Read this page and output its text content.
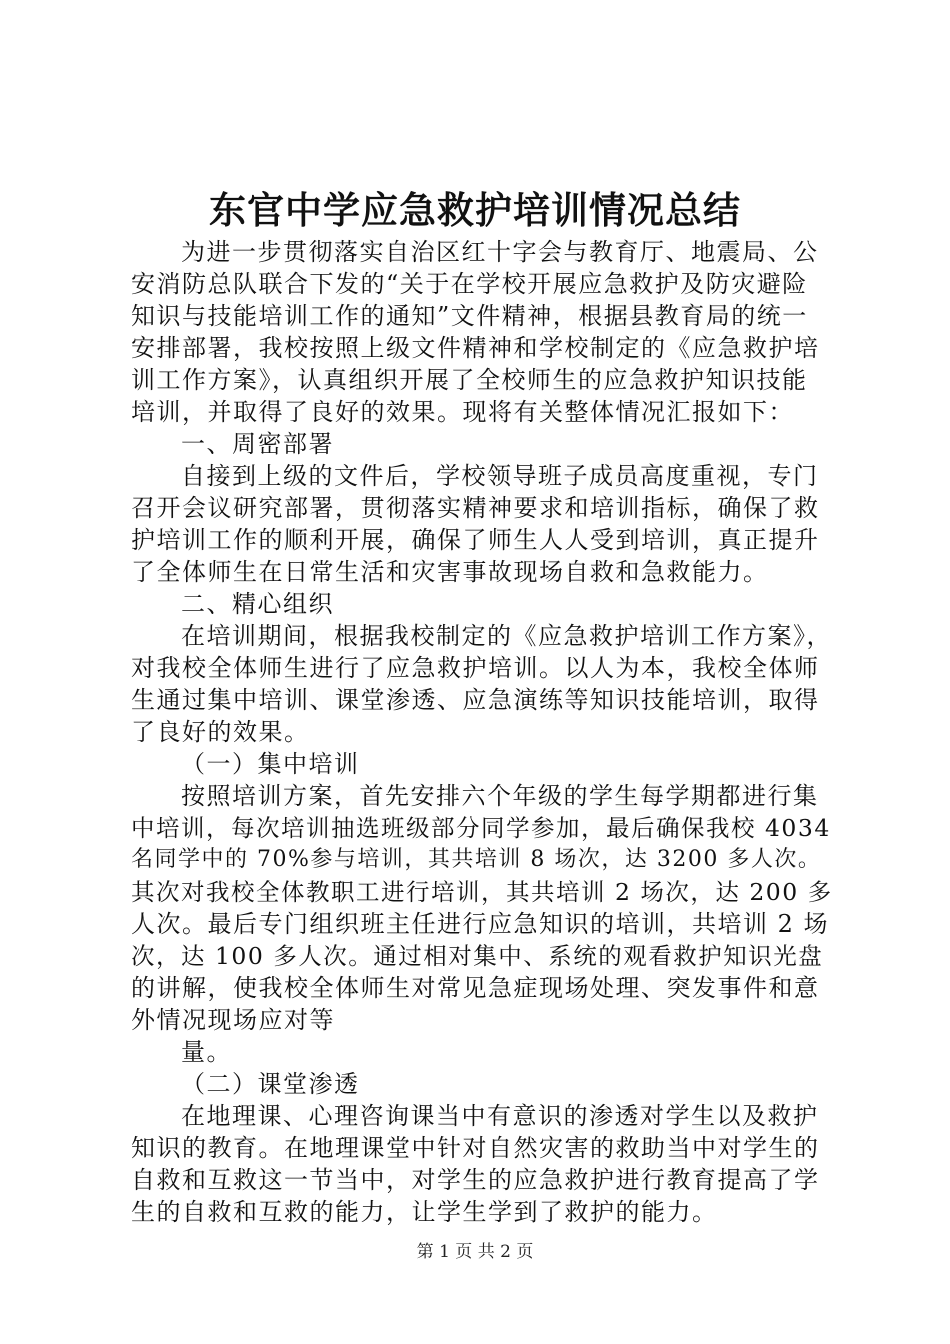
东官中学应急救护培训情况总结
为进一步贯彻落实自治区红十字会与教育厅、地震局、公
安消防总队联合下发的“关于在学校开展应急救护及防灾避险
知识与技能培训工作的通知”文件精神，根据县教育局的统一
安排部署，我校按照上级文件精神和学校制定的《应急救护培
训工作方案》，认真组织开展了全校师生的应急救护知识技能
培训，并取得了良好的效果。现将有关整体情况汇报如下：
一、周密部署
自接到上级的文件后，学校领导班子成员高度重视，专门
召开会议研究部署，贯彻落实精神要求和培训指标，确保了救
护培训工作的顺利开展，确保了师生人人受到培训，真正提升
了全体师生在日常生活和灾害事故现场自救和急救能力。
二、精心组织
在培训期间，根据我校制定的《应急救护培训工作方案》，
对我校全体师生进行了应急救护培训。以人为本，我校全体师
生通过集中培训、课堂渗透、应急演练等知识技能培训，取得
了良好的效果。
（一）集中培训
按照培训方案，首先安排六个年级的学生每学期都进行集
中培训，每次培训抽选班级部分同学参加，最后确保我校 4034
名同学中的 70%参与培训，其共培训 8 场次，达 3200 多人次。
其次对我校全体教职工进行培训，其共培训 2 场次，达 200 多
人次。最后专门组织班主任进行应急知识的培训，共培训 2 场
次，达 100 多人次。通过相对集中、系统的观看救护知识光盘
的讲解，使我校全体师生对常见急症现场处理、突发事件和意
外情况现场应对等
量。
（二）课堂渗透
在地理课、心理咨询课当中有意识的渗透对学生以及救护
知识的教育。在地理课堂中针对自然灾害的救助当中对学生的
自救和互救这一节当中，对学生的应急救护进行教育提高了学
生的自救和互救的能力，让学生学到了救护的能力。
第 1 页 共 2 页
